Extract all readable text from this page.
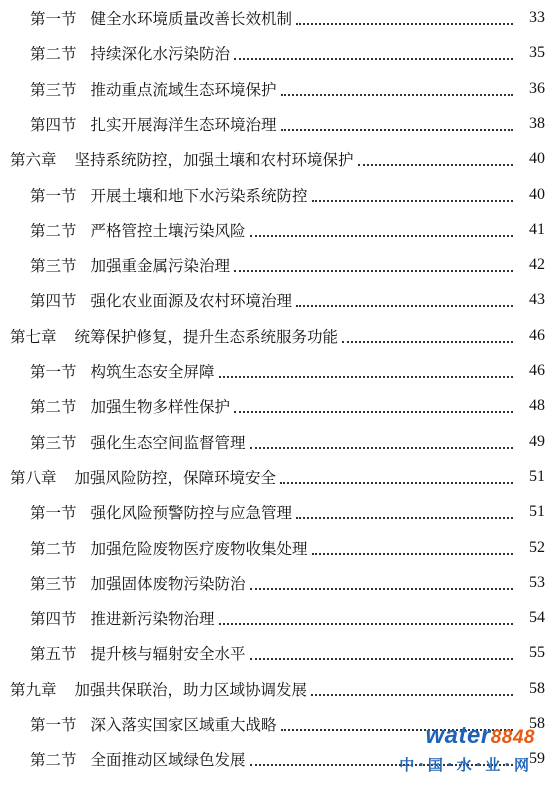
第一节 健全水环境质量改善长效机制	33
第二节 持续深化水污染防治	35
第三节 推动重点流域生态环境保护	36
第四节 扎实开展海洋生态环境治理	38
第六章 坚持系统防控，加强土壤和农村环境保护	40
第一节 开展土壤和地下水污染系统防控	40
第二节 严格管控土壤污染风险	41
第三节 加强重金属污染治理	42
第四节 强化农业面源及农村环境治理	43
第七章 统筹保护修复，提升生态系统服务功能	46
第一节 构筑生态安全屏障	46
第二节 加强生物多样性保护	48
第三节 强化生态空间监督管理	49
第八章 加强风险防控，保障环境安全	51
第一节 强化风险预警防控与应急管理	51
第二节 加强危险废物医疗废物收集处理	52
第三节 加强固体废物污染防治	53
第四节 推进新污染物治理	54
第五节 提升核与辐射安全水平	55
第九章 加强共保联治，助力区域协调发展	58
第一节 深入落实国家区域重大战略	58
第二节 全面推动区域绿色发展	59
water8848
中·国·水·业·网
